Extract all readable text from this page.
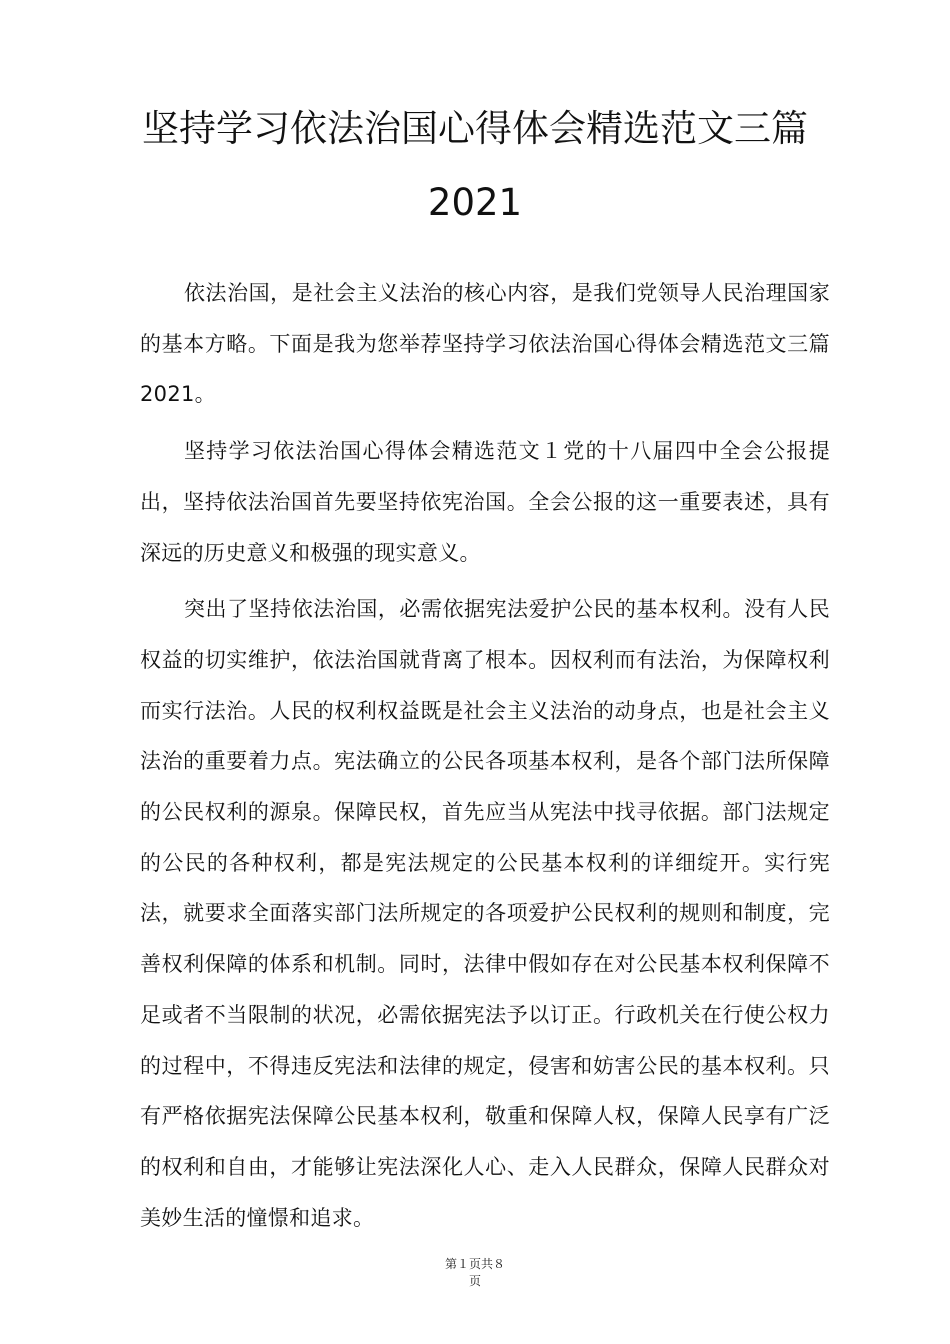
坚持学习依法治国心得体会精选范文三篇2021

依法治国，是社会主义法治的核心内容，是我们党领导人民治理国家的基本方略。下面是我为您举荐坚持学习依法治国心得体会精选范文三篇2021。

坚持学习依法治国心得体会精选范文１党的十八届四中全会公报提出，坚持依法治国首先要坚持依宪治国。全会公报的这一重要表述，具有深远的历史意义和极强的现实意义。

突出了坚持依法治国，必需依据宪法爱护公民的基本权利。没有人民权益的切实维护，依法治国就背离了根本。因权利而有法治，为保障权利而实行法治。人民的权利权益既是社会主义法治的动身点，也是社会主义法治的重要着力点。宪法确立的公民各项基本权利，是各个部门法所保障的公民权利的源泉。保障民权，首先应当从宪法中找寻依据。部门法规定的公民的各种权利，都是宪法规定的公民基本权利的详细绽开。实行宪法，就要求全面落实部门法所规定的各项爱护公民权利的规则和制度，完善权利保障的体系和机制。同时，法律中假如存在对公民基本权利保障不足或者不当限制的状况，必需依据宪法予以订正。行政机关在行使公权力的过程中，不得违反宪法和法律的规定，侵害和妨害公民的基本权利。只有严格依据宪法保障公民基本权利，敬重和保障人权，保障人民享有广泛的权利和自由，才能够让宪法深化人心、走入人民群众，保障人民群众对美妙生活的憧憬和追求。

第１页共８
页
